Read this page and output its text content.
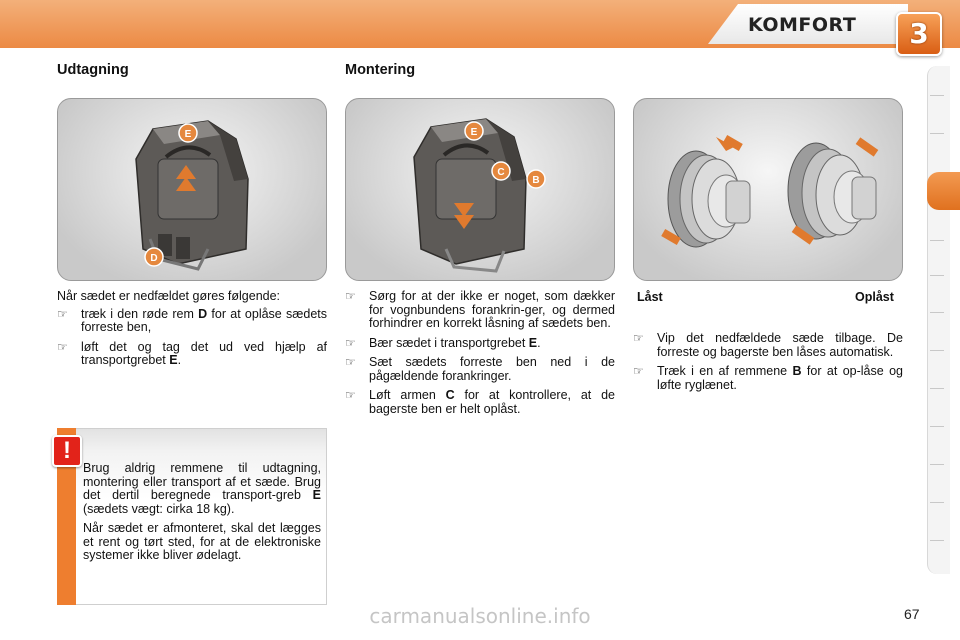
KOMFORT	3
Udtagning	Montering
E
D
E
C
B

Når sædet er nedfældet gøres følgende:

☞ træk i den røde rem D for at oplåse sædets forreste ben,
☞ løft det og tag det ud ved hjælp af transportgrebet E.
☞ Sørg for at der ikke er noget, som dækker for vognbundens forankrin-ger, og dermed forhindrer en korrekt låsning af sædets ben.
☞ Bær sædet i transportgrebet E.
☞ Sæt sædets forreste ben ned i de pågældende forankringer.
☞ Løft armen C for at kontrollere, at de bagerste ben er helt oplåst.
Låst	Oplåst
☞ Vip det nedfældede sæde tilbage. De forreste og bagerste ben låses automatisk.
☞ Træk i en af remmene B for at op-låse og løfte ryglænet.
!

Brug aldrig remmene til udtagning, montering eller transport af et sæde. Brug det dertil beregnede transport-greb E (sædets vægt: cirka 18 kg).

Når sædet er afmonteret, skal det lægges et rent og tørt sted, for at de elektroniske systemer ikke bliver ødelagt.

67
carmanualsonline.info
